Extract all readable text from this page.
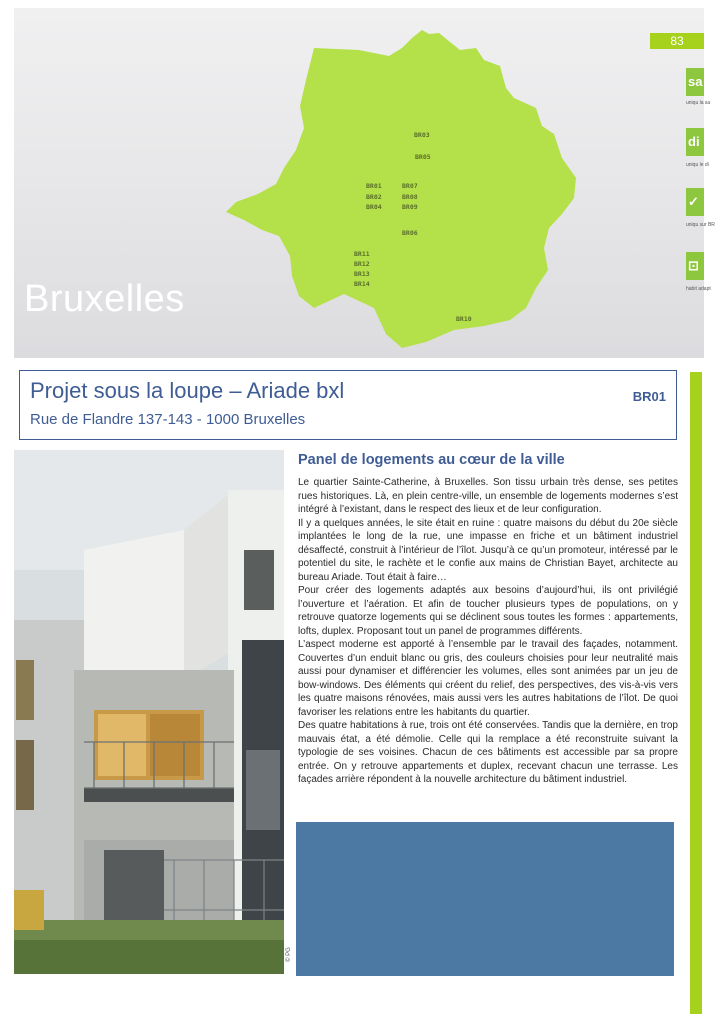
BR03
BR05
BR01	BR07
BR02	BR08
BR04	BR09
BR06
BR11
BR12
BR13
BR14
BR10
Bruxelles
83
sa
uniqu la sa
di
uniqu le di
✓
uniqu sur BR
⊡
habit adapt
Projet sous la loupe – Ariade bxl
Rue de Flandre 137-143 - 1000 Bruxelles
BR01
© PG
Panel de logements au cœur de la ville

Le quartier Sainte-Catherine, à Bruxelles. Son tissu urbain très dense, ses petites rues historiques. Là, en plein centre-ville, un ensemble de logements modernes s’est intégré à l’existant, dans le respect des lieux et de leur configuration.

Il y a quelques années, le site était en ruine : quatre maisons du début du 20e siècle implantées le long de la rue, une impasse en friche et un bâtiment industriel désaffecté, construit à l’intérieur de l’îlot. Jusqu’à ce qu’un promoteur, intéressé par le potentiel du site, le rachète et le confie aux mains de Christian Bayet, architecte au bureau Ariade. Tout était à faire…

Pour créer des logements adaptés aux besoins d’aujourd’hui, ils ont privilégié l’ouverture et l’aération. Et afin de toucher plusieurs types de populations, on y retrouve quatorze logements qui se déclinent sous toutes les formes : appartements, lofts, duplex. Proposant tout un panel de programmes différents.

L’aspect moderne est apporté à l’ensemble par le travail des façades, notamment. Couvertes d’un enduit blanc ou gris, des couleurs choisies pour leur neutralité mais aussi pour dynamiser et différencier les volumes, elles sont animées par un jeu de bow-windows. Des éléments qui créent du relief, des perspectives, des vis-à-vis vers les quatre maisons rénovées, mais aussi vers les autres habitations de l’îlot. De quoi favoriser les relations entre les habitants du quartier.

Des quatre habitations à rue, trois ont été conservées. Tandis que la dernière, en trop mauvais état, a été démolie. Celle qui la remplace a été reconstruite suivant la typologie de ses voisines. Chacun de ces bâtiments est accessible par sa propre entrée. On y retrouve appartements et duplex, recevant chacun une terrasse. Les façades arrière répondent à la nouvelle architecture du bâtiment industriel.
